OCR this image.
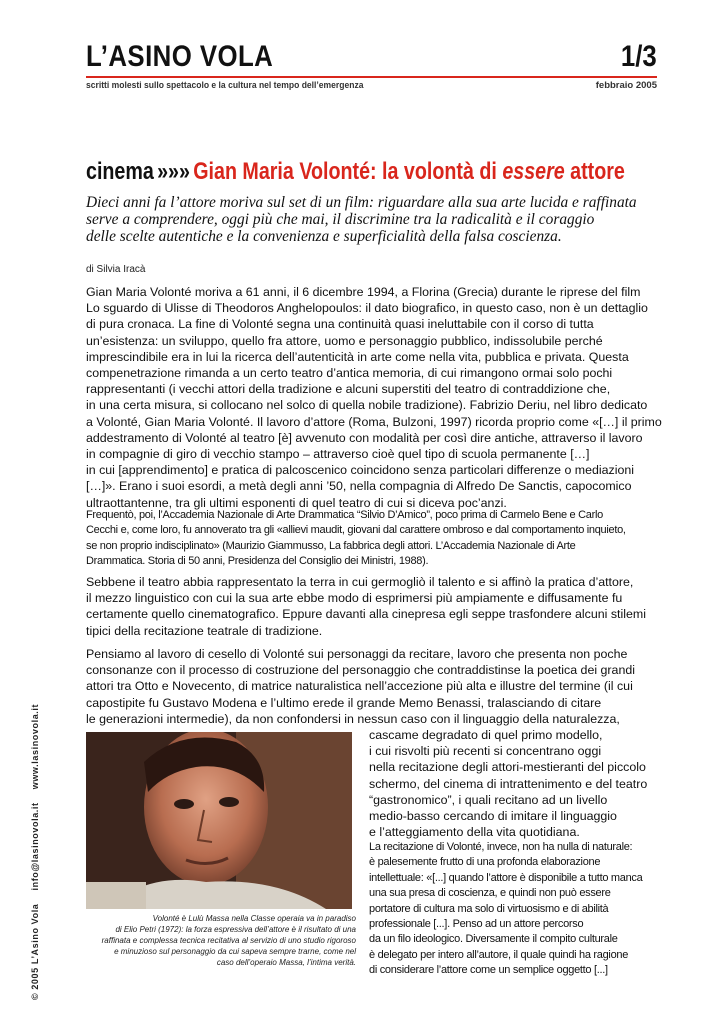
L’ASINO VOLA	1/3
scritti molesti sullo spettacolo e la cultura nel tempo dell’emergenza	febbraio 2005
© 2005 L’Asino Vola info@lasinovola.it www.lasinovola.it
cinema »»» Gian Maria Volonté: la volontà di essere attore
Dieci anni fa l’attore moriva sul set di un film: riguardare alla sua arte lucida e raffinata
serve a comprendere, oggi più che mai, il discrimine tra la radicalità e il coraggio
delle scelte autentiche e la convenienza e superficialità della falsa coscienza.
di Silvia Iracà
Gian Maria Volonté moriva a 61 anni, il 6 dicembre 1994, a Florina (Grecia) durante le riprese del film
Lo sguardo di Ulisse di Theodoros Anghelopoulos: il dato biografico, in questo caso, non è un dettaglio
di pura cronaca. La fine di Volonté segna una continuità quasi ineluttabile con il corso di tutta
un’esistenza: un sviluppo, quello fra attore, uomo e personaggio pubblico, indissolubile perché
imprescindibile era in lui la ricerca dell’autenticità in arte come nella vita, pubblica e privata. Questa
compenetrazione rimanda a un certo teatro d’antica memoria, di cui rimangono ormai solo pochi
rappresentanti (i vecchi attori della tradizione e alcuni superstiti del teatro di contraddizione che,
in una certa misura, si collocano nel solco di quella nobile tradizione). Fabrizio Deriu, nel libro dedicato
a Volonté, Gian Maria Volonté. Il lavoro d’attore (Roma, Bulzoni, 1997) ricorda proprio come «[…] il primo
addestramento di Volonté al teatro [è] avvenuto con modalità per così dire antiche, attraverso il lavoro
in compagnie di giro di vecchio stampo – attraverso cioè quel tipo di scuola permanente […]
in cui [apprendimento] e pratica di palcoscenico coincidono senza particolari differenze o mediazioni
[…]». Erano i suoi esordi, a metà degli anni ’50, nella compagnia di Alfredo De Sanctis, capocomico
ultraottantenne, tra gli ultimi esponenti di quel teatro di cui si diceva poc’anzi.
Frequentò, poi, l’Accademia Nazionale di Arte Drammatica “Silvio D’Amico”, poco prima di Carmelo Bene e Carlo
Cecchi e, come loro, fu annoverato tra gli «allievi maudit, giovani dal carattere ombroso e dal comportamento inquieto,
se non proprio indisciplinato» (Maurizio Giammusso, La fabbrica degli attori. L’Accademia Nazionale di Arte
Drammatica. Storia di 50 anni, Presidenza del Consiglio dei Ministri, 1988).
Sebbene il teatro abbia rappresentato la terra in cui germogliò il talento e si affinò la pratica d’attore,
il mezzo linguistico con cui la sua arte ebbe modo di esprimersi più ampiamente e diffusamente fu
certamente quello cinematografico. Eppure davanti alla cinepresa egli seppe trasfondere alcuni stilemi
tipici della recitazione teatrale di tradizione.
Pensiamo al lavoro di cesello di Volonté sui personaggi da recitare, lavoro che presenta non poche
consonanze con il processo di costruzione del personaggio che contraddistinse la poetica dei grandi
attori tra Otto e Novecento, di matrice naturalistica nell’accezione più alta e illustre del termine (il cui
capostipite fu Gustavo Modena e l’ultimo erede il grande Memo Benassi, tralasciando di citare
le generazioni intermedie), da non confondersi in nessun caso con il linguaggio della naturalezza,
Volonté è Lulù Massa nella Classe operaia va in paradiso
di Elio Petri (1972): la forza espressiva dell’attore è il risultato di una
raffinata e complessa tecnica recitativa al servizio di uno studio rigoroso
e minuzioso sul personaggio da cui sapeva sempre trarne, come nel
caso dell’operaio Massa, l’intima verità.
cascame degradato di quel primo modello,
i cui risvolti più recenti si concentrano oggi
nella recitazione degli attori-mestieranti del piccolo
schermo, del cinema di intrattenimento e del teatro
“gastronomico”, i quali recitano ad un livello
medio-basso cercando di imitare il linguaggio
e l’atteggiamento della vita quotidiana.
La recitazione di Volonté, invece, non ha nulla di naturale:
è palesemente frutto di una profonda elaborazione
intellettuale: «[...] quando l’attore è disponibile a tutto manca
una sua presa di coscienza, e quindi non può essere
portatore di cultura ma solo di virtuosismo e di abilità
professionale [...]. Penso ad un attore percorso
da un filo ideologico. Diversamente il compito culturale
è delegato per intero all’autore, il quale quindi ha ragione
di considerare l’attore come un semplice oggetto [...]
